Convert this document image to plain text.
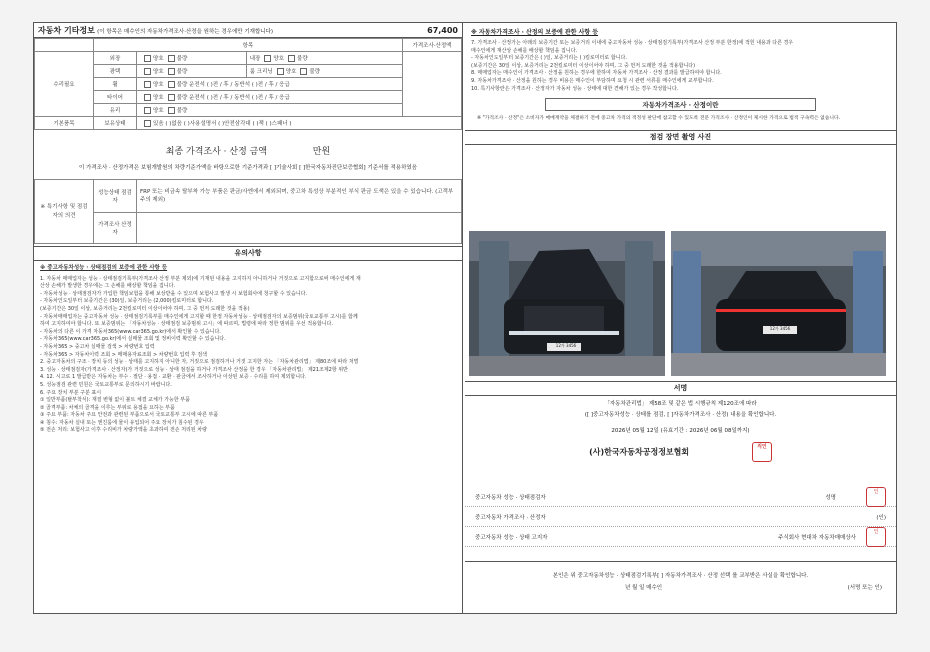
자동차 기타정보 (이 항목은 매수인의 자동차가격조사·산정을 원하는 경우에만 기재합니다)	67,400
	항목			가격조사·산정액
수리필요	외장	양호 불량	내장 양호 불량	
	광택	양호 불량	룸 크리닝 양호 불량	
	휠	양호 불량 운전석 ( )전 / 후 / 동반석 ( )전 / 후 / 응급		
	타이어	양호 불량 운전석 ( )전 / 후 / 동반석 ( )전 / 후 / 응급		
	유리	양호 불량		
기본품목	보유상태	있음 ( )없음 ( )사용설명서 ( )안전삼각대 ( )잭 ( )스패너 )		
최종 가격조사 · 산정 금액	만원
이 가격조사 · 산정가격은 보험개발원의 차량기준가액을 바탕으로한 기준가격과 [ ]기술사회 [ ]한국자동차진단보증협회] 기준서를 적용하였음
※ 특기사항 및 점검자의 의견	성능상태 점검자	FRP 또는 비금속 탈부착 가능 부품은 판금/사엔에서 제외되며, 중고차 특성상 부분적인 부식 판금 도색은 있을 수 있습니다. (고객부주의 제외)
	가격조사 산정자	
유의사항
※ 중고자동차성능 · 상태점검의 보증에 관한 사항 등
1. 자동차 매매업자는 성능 · 상태점검기록부(가격조사 산정 부분 제외)에 기재된 내용을 고지하지 아니하거나 거짓으로 고지함으로써 매수인에게 재
산상 손해가 발생한 경우에는 그 손해를 배상할 책임을 집니다.
- 자동차성능 · 상태점검자가 가입한 책임보험을 통해 보상받을 수 있으며 보험사고 발생 시 보험회사에 청구할 수 있습니다.
- 자동차인도일부터 보증기간은 (30)일, 보증거리는 (2,000)킬로미터로 합니다.
(보증기간은 30일 이상, 보증거리는 2천킬로미터 이상이어야 하며, 그 중 먼저 도래한 것을 적용)
- 자동차매매업자는 중고자동차 성능 · 상태점검기록부를 매수인에게 고지할 때 한정 자동차성능 · 상태점검자의 보증범위(국토교통부 고시)를 함께
하여 고지하여야 합니다. 또 보증범위는 「자동차성능 · 상태점검 보증범위 고시」에 따르며, 법령에 따라 정한 범위를 우선 적용합니다.
- 자동차의 다른 이 가격 자동차365(www.car365.go.kr)에서 확인할 수 있습니다.
- 자동차365(www.car365.go.kr)에서 실매물 조회 및 정비이력 확인할 수 있습니다.
- 자동차365 > 중고차 실매물 검색 > 차량번호 입력
- 자동차365 > 자동차이력 조회 > 매매용자료조회 > 차량번호 입력 후 검색
2. 중고자동차의 구조 · 장치 등의 성능 · 상태를 고지하지 아니한 자, 거짓으로 점검하거나 거짓 고지한 자는 「자동차관리법」 제80조에 따라 처벌
3. 성능 · 상태점검자(가격조사 · 산정자)가 거짓으로 성능 · 상태 점검을 하거나 가격조사 산정을 한 경우 「자동차관리법」 제21조제2항 위반
4. 12. 시고로 1 발급받은 자동차는 부수 · 절단 · 용접 · 교환 · 판금에서 조사하거나 이상된 보증 · 수리를 하여 제외합니다.
5. 성능점검 관련 민원은 국토교통부로 문의하시기 바랍니다.
6. 주요 장치 부분 구분 표시
① 일반부품(탈부착식): 재질 변형 없이 볼트 체결 교체가 가능한 부품
② 골격부품: 차체의 골격을 이루는 부위로 용접을 요하는 부품
③ 주요 부품: 자동차 주요 안전과 관련된 부품으로서 국토교통부 고시에 따른 부품
④ 침수: 자동차 실내 또는 엔진룸에 물이 유입되어 주요 장치가 침수된 경우
⑤ 전손 처리: 보험사고 이후 수리비가 차량가액을 초과하여 전손 처리된 차량
※ 자동차가격조사 · 산정의 보증에 관한 사항 등
7. 가격조사 · 산정가는 아래의 보증기간 또는 보증거리 이내에 중고자동차 성능 · 상태점검기록부(가격조사 산정 부분 한정)에 적힌 내용과 다른 경우
매수인에게 재산상 손해를 배상할 책임을 집니다.
- 자동차인도일부터 보증기간은 ( )일, 보증거리는 ( )킬로미터로 합니다.
(보증기간은 30일 이상, 보증거리는 2천킬로미터 이상이어야 하며, 그 중 먼저 도래한 것을 적용합니다)
8. 매매업자는 매수인이 가격조사 · 산정을 원하는 경우에 한하여 자동차 가격조사 · 산정 결과를 발급하여야 합니다.
9. 자동차가격조사 · 산정을 원하는 경우 비용은 매수인이 부담하며 요청 시 관련 서류를 매수인에게 교부합니다.
10. 특기사항란은 가격조사 · 산정자가 자동차 성능 · 상태에 대한 견해가 있는 경우 작성합니다.
자동차가격조사 · 산정이란
※ "가격조사 · 산정"은 소비자가 매매계약을 체결하기 전에 중고차 가격의 적정성 판단에 참고할 수 있도록 전문 가격조사 · 산정인이 제시한 가격으로 법적 구속력은 없습니다.
점검 장면 촬영 사진
12가 3456
12가 3456
서명
「자동차관리법」 제58조 및 같은 법 시행규칙 제120조에 따라
([ ]중고자동차성능 · 상태를 점검, [ ]자동차가격조사 · 산정) 내용을 확인합니다.
2026년 05월 12일 (유효기간 : 2026년 06월 08일까지)
(사)한국자동차공정정보협회 직인
중고자동차 성능 · 상태점검자	성명
인
중고자동차 가격조사 · 산정자	(인)
중고자동차 성능 · 상태 고지자	주식회사 현대차 자동차매매상사
인
본인은 위 중고자동차성능 · 상태점검기록부[ ] 자동차가격조사 · 산정 선택 를 교부받은 사실을 확인합니다.
년 월 일 매수인	(서명 또는 인)
